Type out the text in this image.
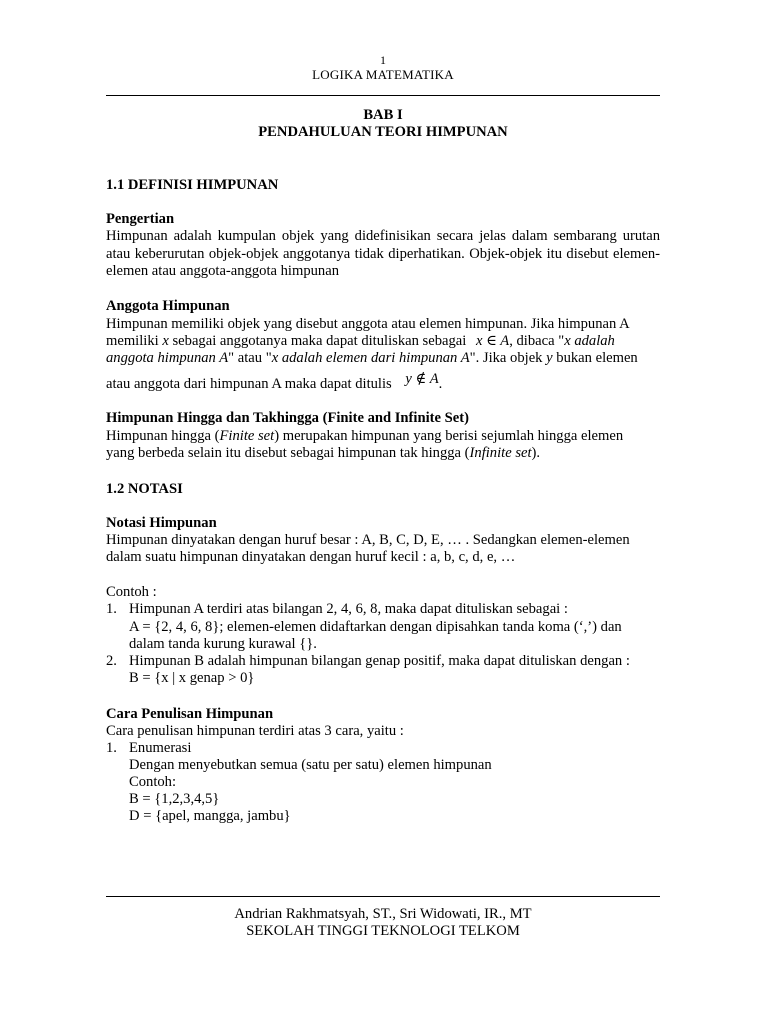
1
LOGIKA MATEMATIKA
BAB I
PENDAHULUAN TEORI HIMPUNAN
1.1 DEFINISI HIMPUNAN
Pengertian
Himpunan adalah kumpulan objek yang didefinisikan secara jelas dalam sembarang urutan atau keberurutan objek-objek anggotanya tidak diperhatikan. Objek-objek itu disebut elemen-elemen atau anggota-anggota himpunan
Anggota Himpunan
Himpunan memiliki objek yang disebut anggota atau elemen himpunan. Jika himpunan A
memiliki x sebagai anggotanya maka dapat dituliskan sebagai x ∈ A, dibaca "x adalah
anggota himpunan A" atau "x adalah elemen dari himpunan A". Jika objek y bukan elemen
atau anggota dari himpunan A maka dapat ditulis y ∉ A.
Himpunan Hingga dan Takhingga (Finite and Infinite Set)
Himpunan hingga (Finite set) merupakan himpunan yang berisi sejumlah hingga elemen
yang berbeda selain itu disebut sebagai himpunan tak hingga (Infinite set).
1.2 NOTASI
Notasi Himpunan
Himpunan dinyatakan dengan huruf besar : A, B, C, D, E, … . Sedangkan elemen-elemen
dalam suatu himpunan dinyatakan dengan huruf kecil : a, b, c, d, e, …
Contoh :
1. Himpunan A terdiri atas bilangan 2, 4, 6, 8, maka dapat dituliskan sebagai :
A = {2, 4, 6, 8}; elemen-elemen didaftarkan dengan dipisahkan tanda koma (‘,’) dan
dalam tanda kurung kurawal {}.
2. Himpunan B adalah himpunan bilangan genap positif, maka dapat dituliskan dengan :
B = {x | x genap > 0}
Cara Penulisan Himpunan
Cara penulisan himpunan terdiri atas 3 cara, yaitu :
1. Enumerasi
Dengan menyebutkan semua (satu per satu) elemen himpunan
Contoh:
B = {1,2,3,4,5}
D = {apel, mangga, jambu}
Andrian Rakhmatsyah, ST., Sri Widowati, IR., MT
SEKOLAH TINGGI TEKNOLOGI TELKOM
